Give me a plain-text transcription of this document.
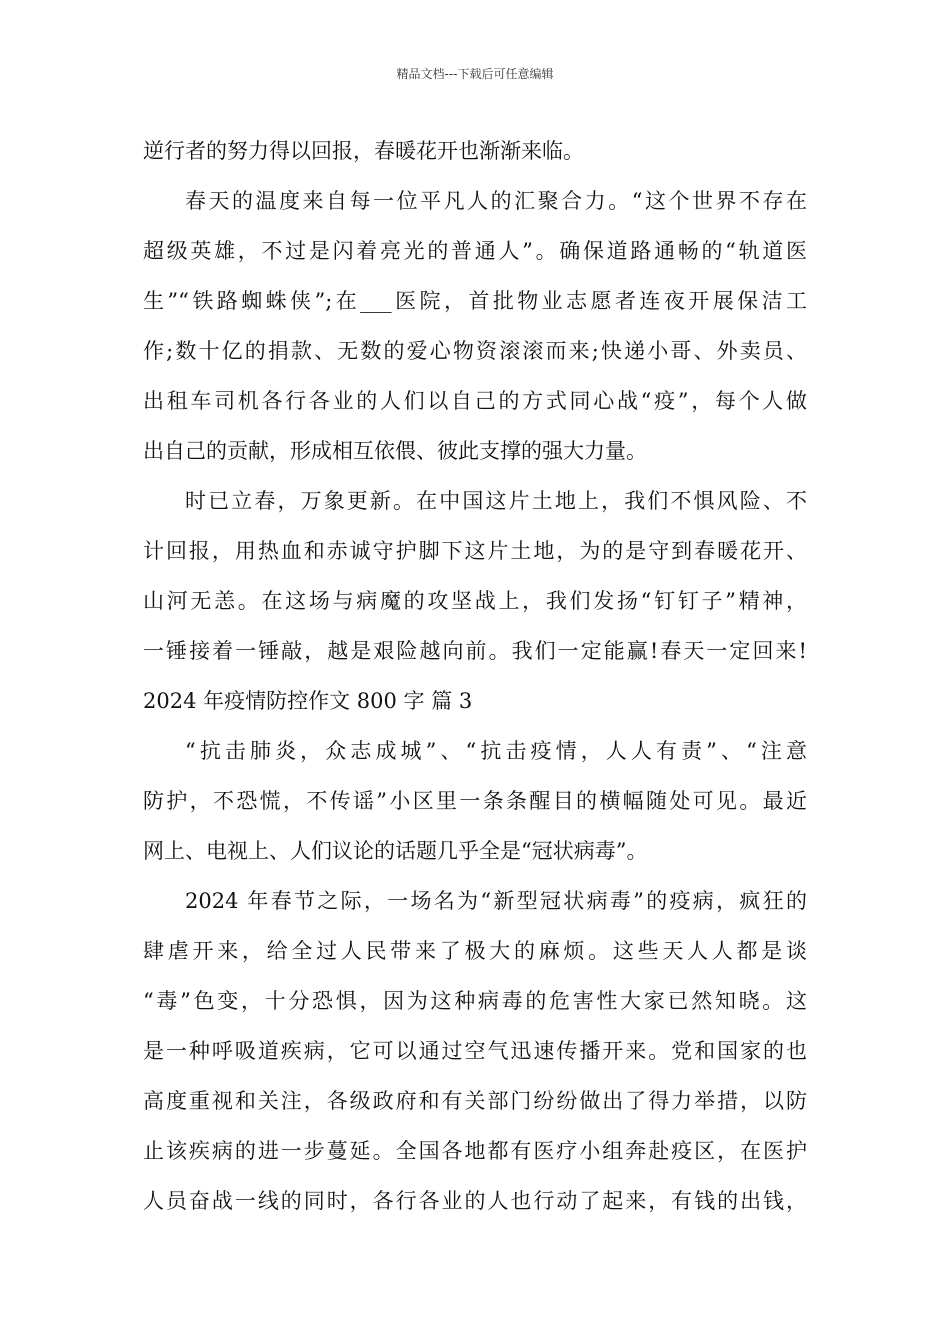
精品文档---下载后可任意编辑
逆行者的努力得以回报，春暖花开也渐渐来临。
春天的温度来自每一位平凡人的汇聚合力。“这个世界不存在
超级英雄，不过是闪着亮光的普通人”。确保道路通畅的“轨道医
生”“铁路蜘蛛侠”;在___医院，首批物业志愿者连夜开展保洁工
作;数十亿的捐款、无数的爱心物资滚滚而来;快递小哥、外卖员、
出租车司机各行各业的人们以自己的方式同心战“疫”，每个人做
出自己的贡献，形成相互依偎、彼此支撑的强大力量。
时已立春，万象更新。在中国这片土地上，我们不惧风险、不
计回报，用热血和赤诚守护脚下这片土地，为的是守到春暖花开、
山河无恙。在这场与病魔的攻坚战上，我们发扬“钉钉子”精神，
一锤接着一锤敲，越是艰险越向前。我们一定能赢!春天一定回来!
2024 年疫情防控作文 800 字 篇 3
“抗击肺炎，众志成城”、“抗击疫情，人人有责”、“注意
防护，不恐慌，不传谣”小区里一条条醒目的横幅随处可见。最近
网上、电视上、人们议论的话题几乎全是“冠状病毒”。
2024 年春节之际，一场名为“新型冠状病毒”的疫病，疯狂的
肆虐开来，给全过人民带来了极大的麻烦。这些天人人都是谈
“毒”色变，十分恐惧，因为这种病毒的危害性大家已然知晓。这
是一种呼吸道疾病，它可以通过空气迅速传播开来。党和国家的也
高度重视和关注，各级政府和有关部门纷纷做出了得力举措，以防
止该疾病的进一步蔓延。全国各地都有医疗小组奔赴疫区，在医护
人员奋战一线的同时，各行各业的人也行动了起来，有钱的出钱，
